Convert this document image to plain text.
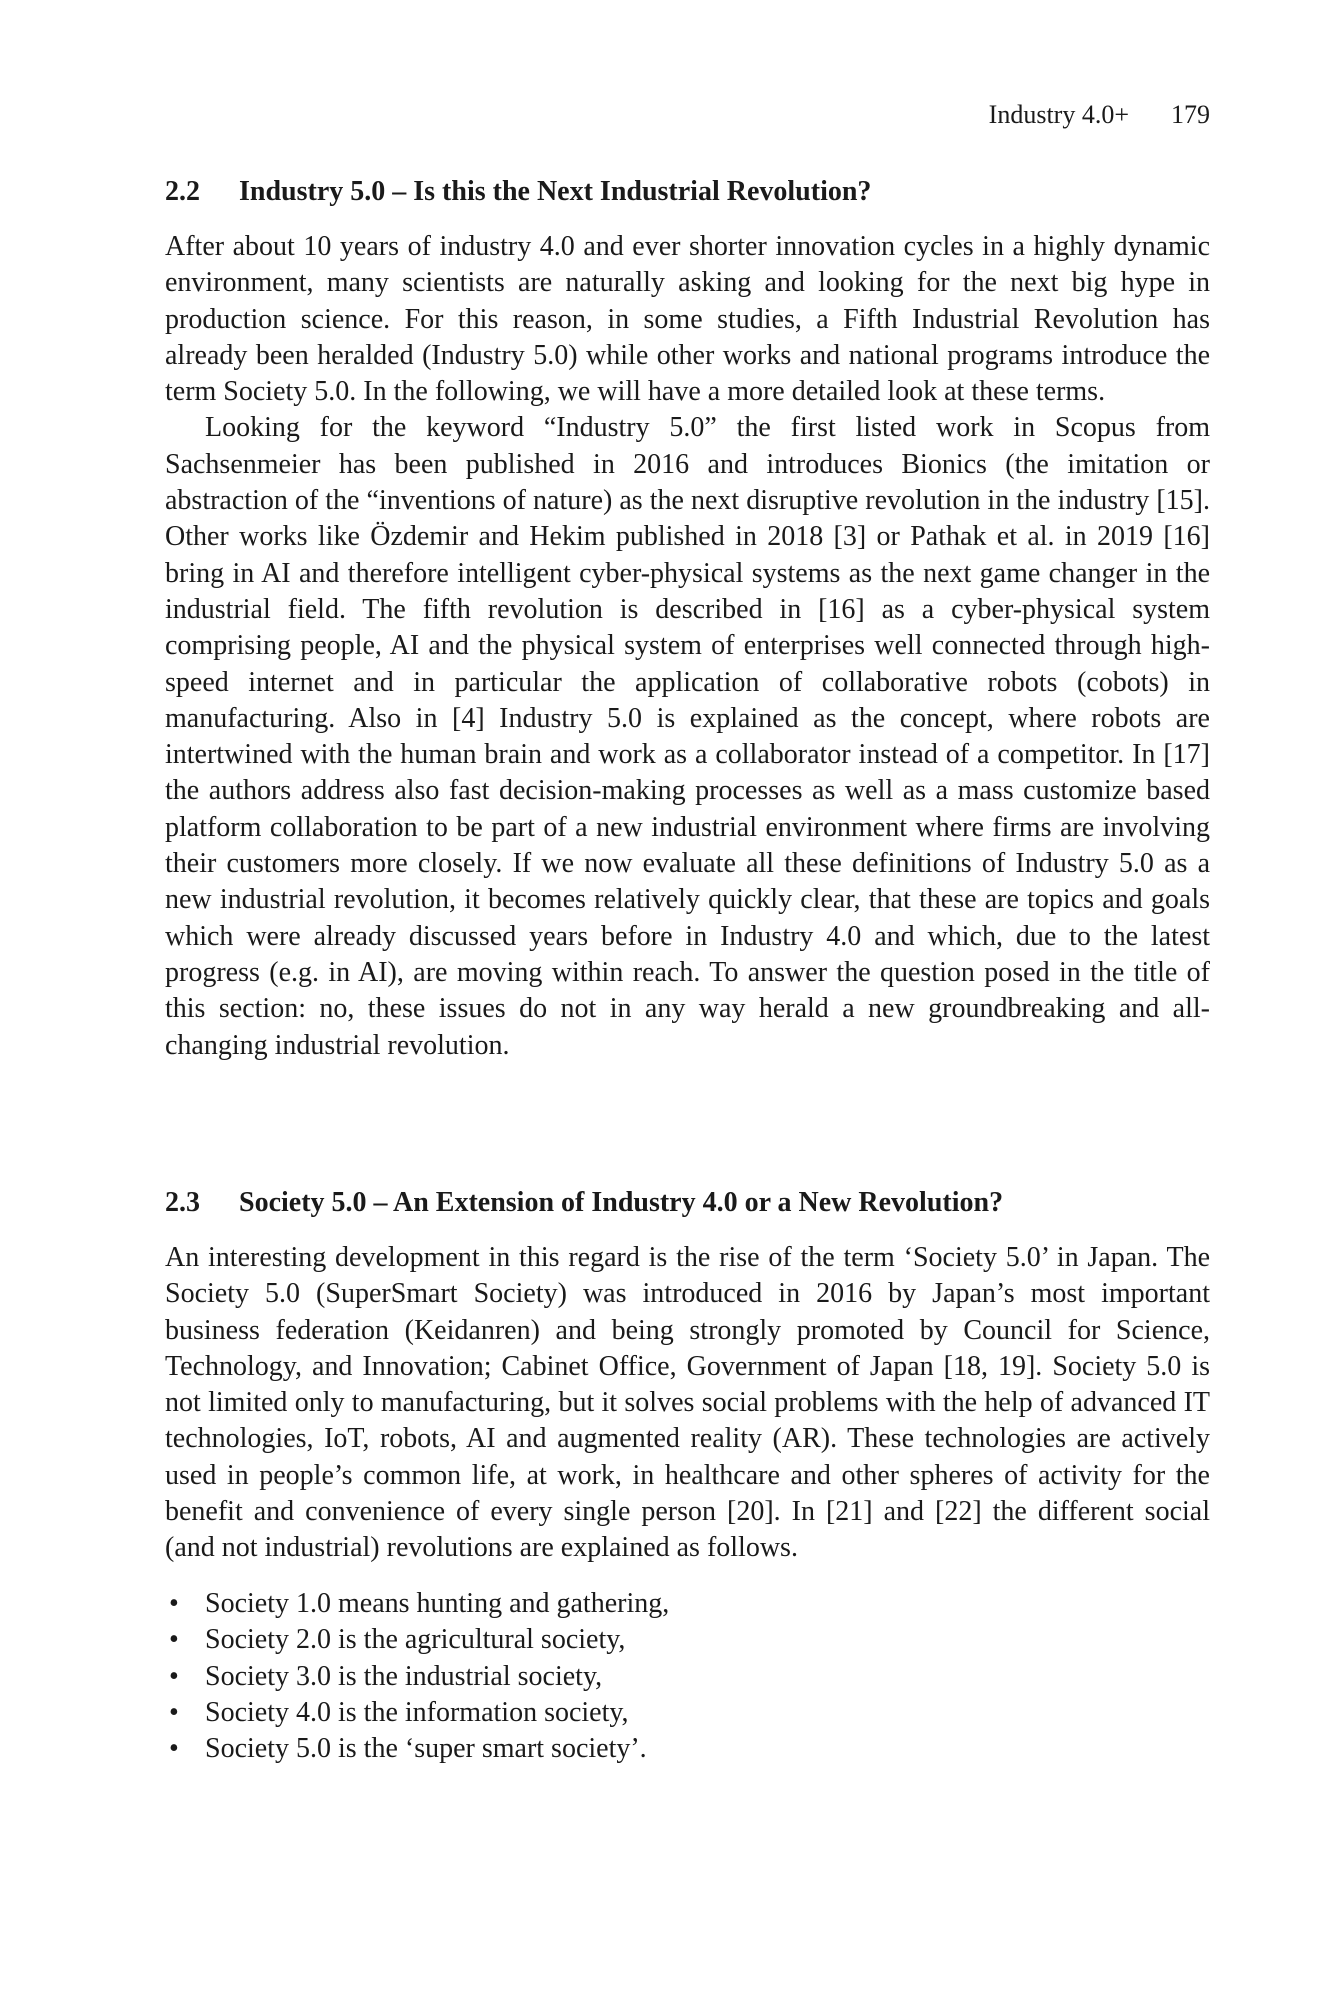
Industry 4.0+ 179
2.2 Industry 5.0 – Is this the Next Industrial Revolution?

After about 10 years of industry 4.0 and ever shorter innovation cycles in a highly dynamic environment, many scientists are naturally asking and looking for the next big hype in production science. For this reason, in some studies, a Fifth Industrial Revolution has already been heralded (Industry 5.0) while other works and national programs introduce the term Society 5.0. In the following, we will have a more detailed look at these terms.

Looking for the keyword “Industry 5.0” the first listed work in Scopus from Sachsenmeier has been published in 2016 and introduces Bionics (the imitation or abstraction of the “inventions of nature) as the next disruptive revolution in the industry [15]. Other works like Özdemir and Hekim published in 2018 [3] or Pathak et al. in 2019 [16] bring in AI and therefore intelligent cyber-physical systems as the next game changer in the industrial field. The fifth revolution is described in [16] as a cyber-physical system comprising people, AI and the physical system of enterprises well connected through high-speed internet and in particular the application of collaborative robots (cobots) in manufacturing. Also in [4] Industry 5.0 is explained as the concept, where robots are intertwined with the human brain and work as a collaborator instead of a competitor. In [17] the authors address also fast decision-making processes as well as a mass customize based platform collaboration to be part of a new industrial environment where firms are involving their customers more closely. If we now evaluate all these definitions of Industry 5.0 as a new industrial revolution, it becomes relatively quickly clear, that these are topics and goals which were already discussed years before in Industry 4.0 and which, due to the latest progress (e.g. in AI), are moving within reach. To answer the question posed in the title of this section: no, these issues do not in any way herald a new groundbreaking and all-changing industrial revolution.

2.3 Society 5.0 – An Extension of Industry 4.0 or a New Revolution?

An interesting development in this regard is the rise of the term ‘Society 5.0’ in Japan. The Society 5.0 (SuperSmart Society) was introduced in 2016 by Japan’s most important business federation (Keidanren) and being strongly promoted by Council for Science, Technology, and Innovation; Cabinet Office, Government of Japan [18, 19]. Society 5.0 is not limited only to manufacturing, but it solves social problems with the help of advanced IT technologies, IoT, robots, AI and augmented reality (AR). These technologies are actively used in people’s common life, at work, in healthcare and other spheres of activity for the benefit and convenience of every single person [20]. In [21] and [22] the different social (and not industrial) revolutions are explained as follows.

• Society 1.0 means hunting and gathering,
• Society 2.0 is the agricultural society,
• Society 3.0 is the industrial society,
• Society 4.0 is the information society,
• Society 5.0 is the ‘super smart society’.
